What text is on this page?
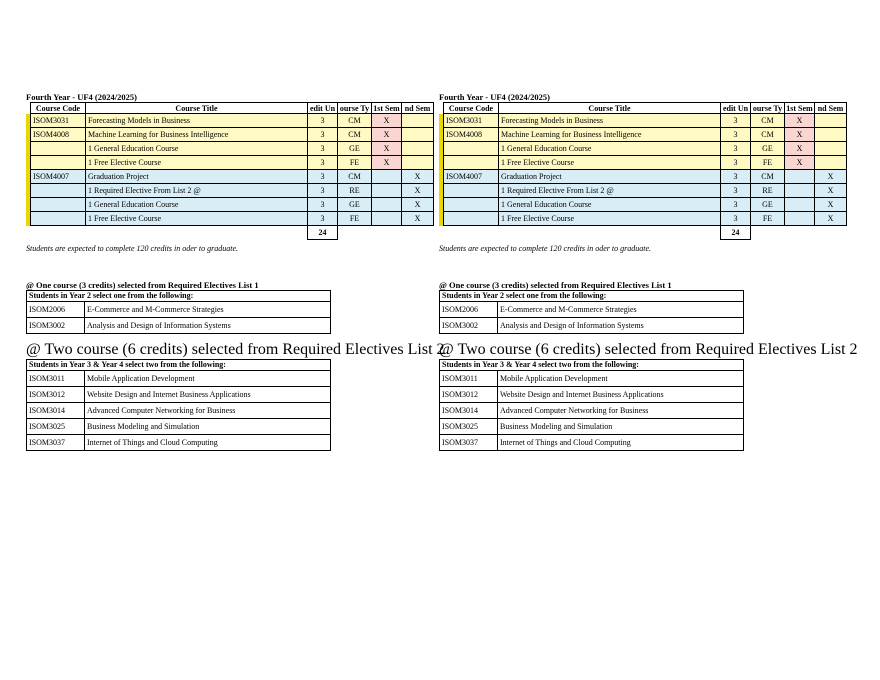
Fourth Year - UF4 (2024/2025)
	Course Code	Course Title	edit Un	ourse Ty	1st Sem	nd Sem
	ISOM3031	Forecasting Models in Business	3	CM	X	
	ISOM4008	Machine Learning for Business Intelligence	3	CM	X	
		1 General Education Course	3	GE	X	
		1 Free Elective Course	3	FE	X	
	ISOM4007	Graduation Project	3	CM		X
		1 Required Elective From List 2 @	3	RE		X
		1 General Education Course	3	GE		X
		1 Free Elective Course	3	FE		X
			24			
Students are expected to complete 120 credits in oder to graduate.
@ One course (3 credits) selected from Required Electives List 1
Students in Year 2 select one from the following:	
ISOM2006	E-Commerce and M-Commerce Strategies
ISOM3002	Analysis and Design of Information Systems
@ Two course (6 credits) selected from Required Electives List 2
Students in Year 3 & Year 4 select two from the following:	
ISOM3011	Mobile Application Development
ISOM3012	Website Design and Internet Business Applications
ISOM3014	Advanced Computer Networking for Business
ISOM3025	Business Modeling and Simulation
ISOM3037	Internet of Things and Cloud Computing
Fourth Year - UF4 (2024/2025)
	Course Code	Course Title	edit Un	ourse Ty	1st Sem	nd Sem
	ISOM3031	Forecasting Models in Business	3	CM	X	
	ISOM4008	Machine Learning for Business Intelligence	3	CM	X	
		1 General Education Course	3	GE	X	
		1 Free Elective Course	3	FE	X	
	ISOM4007	Graduation Project	3	CM		X
		1 Required Elective From List 2 @	3	RE		X
		1 General Education Course	3	GE		X
		1 Free Elective Course	3	FE		X
			24			
Students are expected to complete 120 credits in oder to graduate.
@ One course (3 credits) selected from Required Electives List 1
Students in Year 2 select one from the following:	
ISOM2006	E-Commerce and M-Commerce Strategies
ISOM3002	Analysis and Design of Information Systems
@ Two course (6 credits) selected from Required Electives List 2
Students in Year 3 & Year 4 select two from the following:	
ISOM3011	Mobile Application Development
ISOM3012	Website Design and Internet Business Applications
ISOM3014	Advanced Computer Networking for Business
ISOM3025	Business Modeling and Simulation
ISOM3037	Internet of Things and Cloud Computing
